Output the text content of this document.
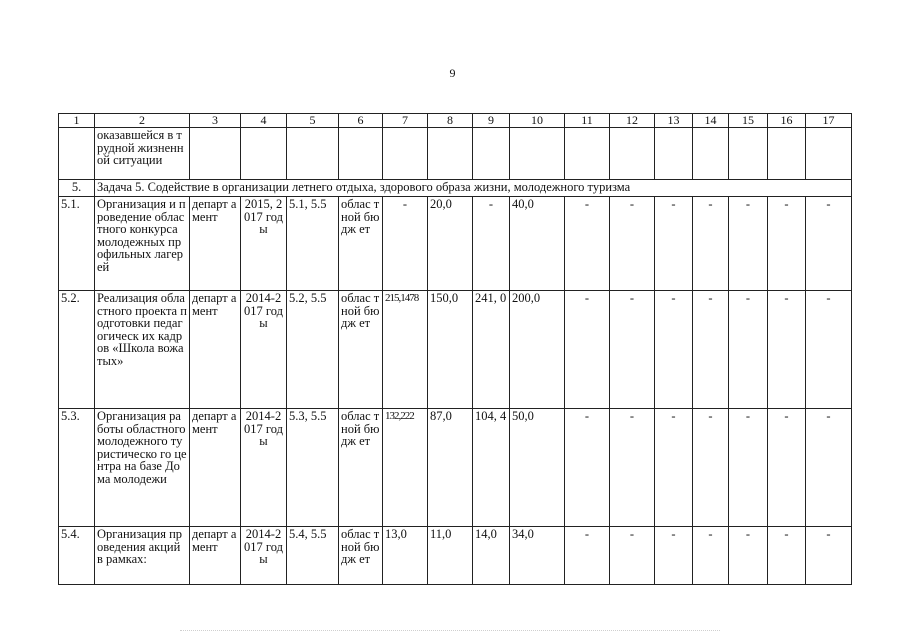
9
1	2	3	4	5	6	7	8	9	10	11	12	13	14	15	16	17
	оказавшейся в трудной жизненной ситуации															
5.	Задача 5. Содействие в организации летнего отдыха, здорового образа жизни, молодежного туризма															
5.1.	Организация и проведение областного конкурса молодежных профильных лагерей	департ амент	2015, 2017 годы	5.1, 5.5	облас тной бюдж ет	-	20,0	-	40,0	-	-	-	-	-	-	-
5.2.	Реализация областного проекта подготовки педагогическ их кадров «Школа вожатых»	департ амент	2014-2017 годы	5.2, 5.5	облас тной бюдж ет	215,1478	150,0	241, 0	200,0	-	-	-	-	-	-	-
5.3.	Организация работы областного молодежного туристическо го центра на базе Дома молодежи	департ амент	2014-2017 годы	5.3, 5.5	облас тной бюдж ет	132,222	87,0	104, 4	50,0	-	-	-	-	-	-	-
5.4.	Организация проведения акций в рамках:	департ амент	2014-2017 годы	5.4, 5.5	облас тной бюдж ет	13,0	11,0	14,0	34,0	-	-	-	-	-	-	-
